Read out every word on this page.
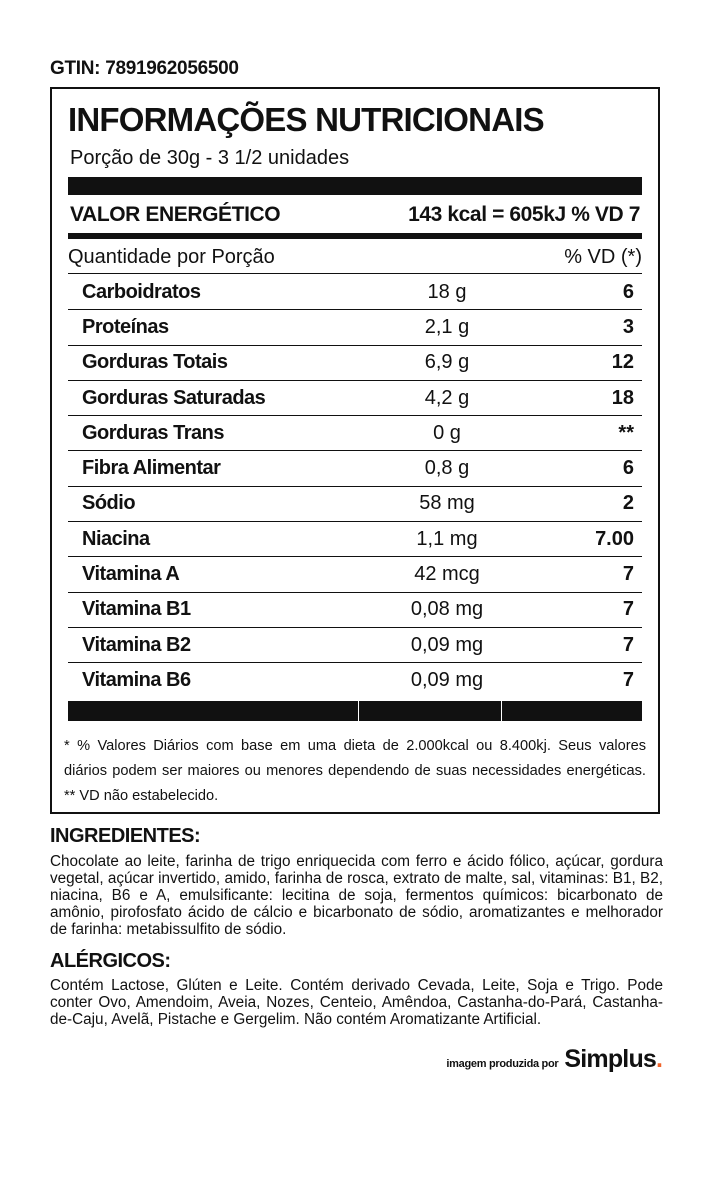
GTIN: 7891962056500
INFORMAÇÕES NUTRICIONAIS
Porção de 30g - 3 1/2 unidades
VALOR ENERGÉTICO	143 kcal = 605kJ % VD 7
Quantidade por Porção	% VD (*)
Carboidratos	18 g	6
Proteínas	2,1 g	3
Gorduras Totais	6,9 g	12
Gorduras Saturadas	4,2 g	18
Gorduras Trans	0 g	**
Fibra Alimentar	0,8 g	6
Sódio	58 mg	2
Niacina	1,1 mg	7.00
Vitamina A	42 mcg	7
Vitamina B1	0,08 mg	7
Vitamina B2	0,09 mg	7
Vitamina B6	0,09 mg	7
* % Valores Diários com base em uma dieta de 2.000kcal ou 8.400kj. Seus valores diários podem ser maiores ou menores dependendo de suas necessidades energéticas. ** VD não estabelecido.
INGREDIENTES:
Chocolate ao leite, farinha de trigo enriquecida com ferro e ácido fólico, açúcar, gordura vegetal, açúcar invertido, amido, farinha de rosca, extrato de malte, sal, vitaminas: B1, B2, niacina, B6 e A, emulsificante: lecitina de soja, fermentos químicos: bicarbonato de amônio, pirofosfato ácido de cálcio e bicarbonato de sódio, aromatizantes e melhorador de farinha: metabissulfito de sódio.
ALÉRGICOS:
Contém Lactose, Glúten e Leite. Contém derivado Cevada, Leite, Soja e Trigo. Pode conter Ovo, Amendoim, Aveia, Nozes, Centeio, Amêndoa, Castanha-do-Pará, Castanha-de-Caju, Avelã, Pistache e Gergelim. Não contém Aromatizante Artificial.
imagem produzida por Simplus.
